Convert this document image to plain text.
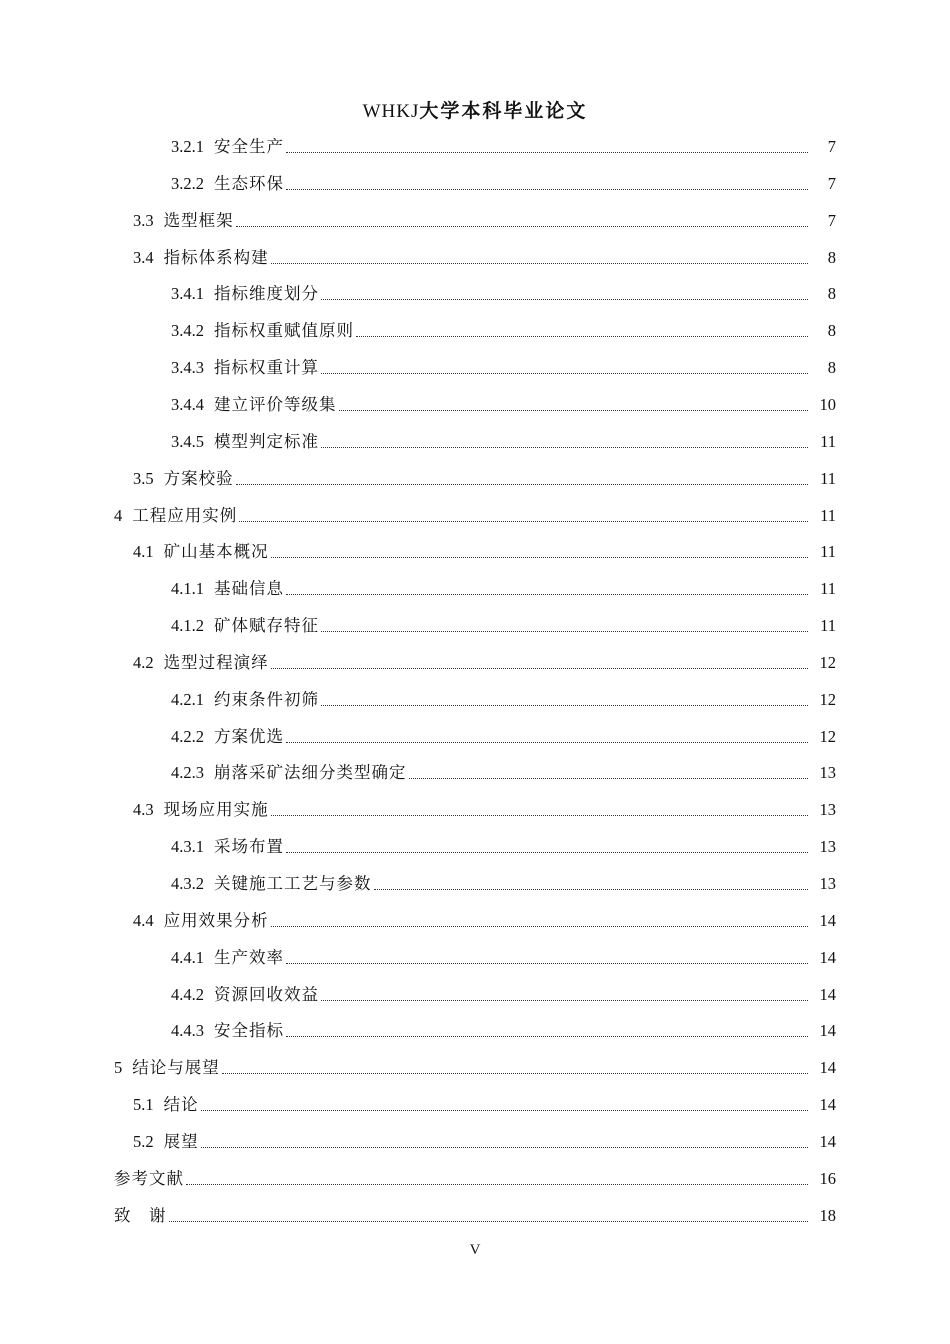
WHKJ大学本科毕业论文
3.2.1 安全生产	7
3.2.2 生态环保	7
3.3 选型框架	7
3.4 指标体系构建	8
3.4.1 指标维度划分	8
3.4.2 指标权重赋值原则	8
3.4.3 指标权重计算	8
3.4.4 建立评价等级集	10
3.4.5 模型判定标准	11
3.5 方案校验	11
4 工程应用实例	11
4.1 矿山基本概况	11
4.1.1 基础信息	11
4.1.2 矿体赋存特征	11
4.2 选型过程演绎	12
4.2.1 约束条件初筛	12
4.2.2 方案优选	12
4.2.3 崩落采矿法细分类型确定	13
4.3 现场应用实施	13
4.3.1 采场布置	13
4.3.2 关键施工工艺与参数	13
4.4 应用效果分析	14
4.4.1 生产效率	14
4.4.2 资源回收效益	14
4.4.3 安全指标	14
5 结论与展望	14
5.1 结论	14
5.2 展望	14
参考文献	16
致　谢	18
V
